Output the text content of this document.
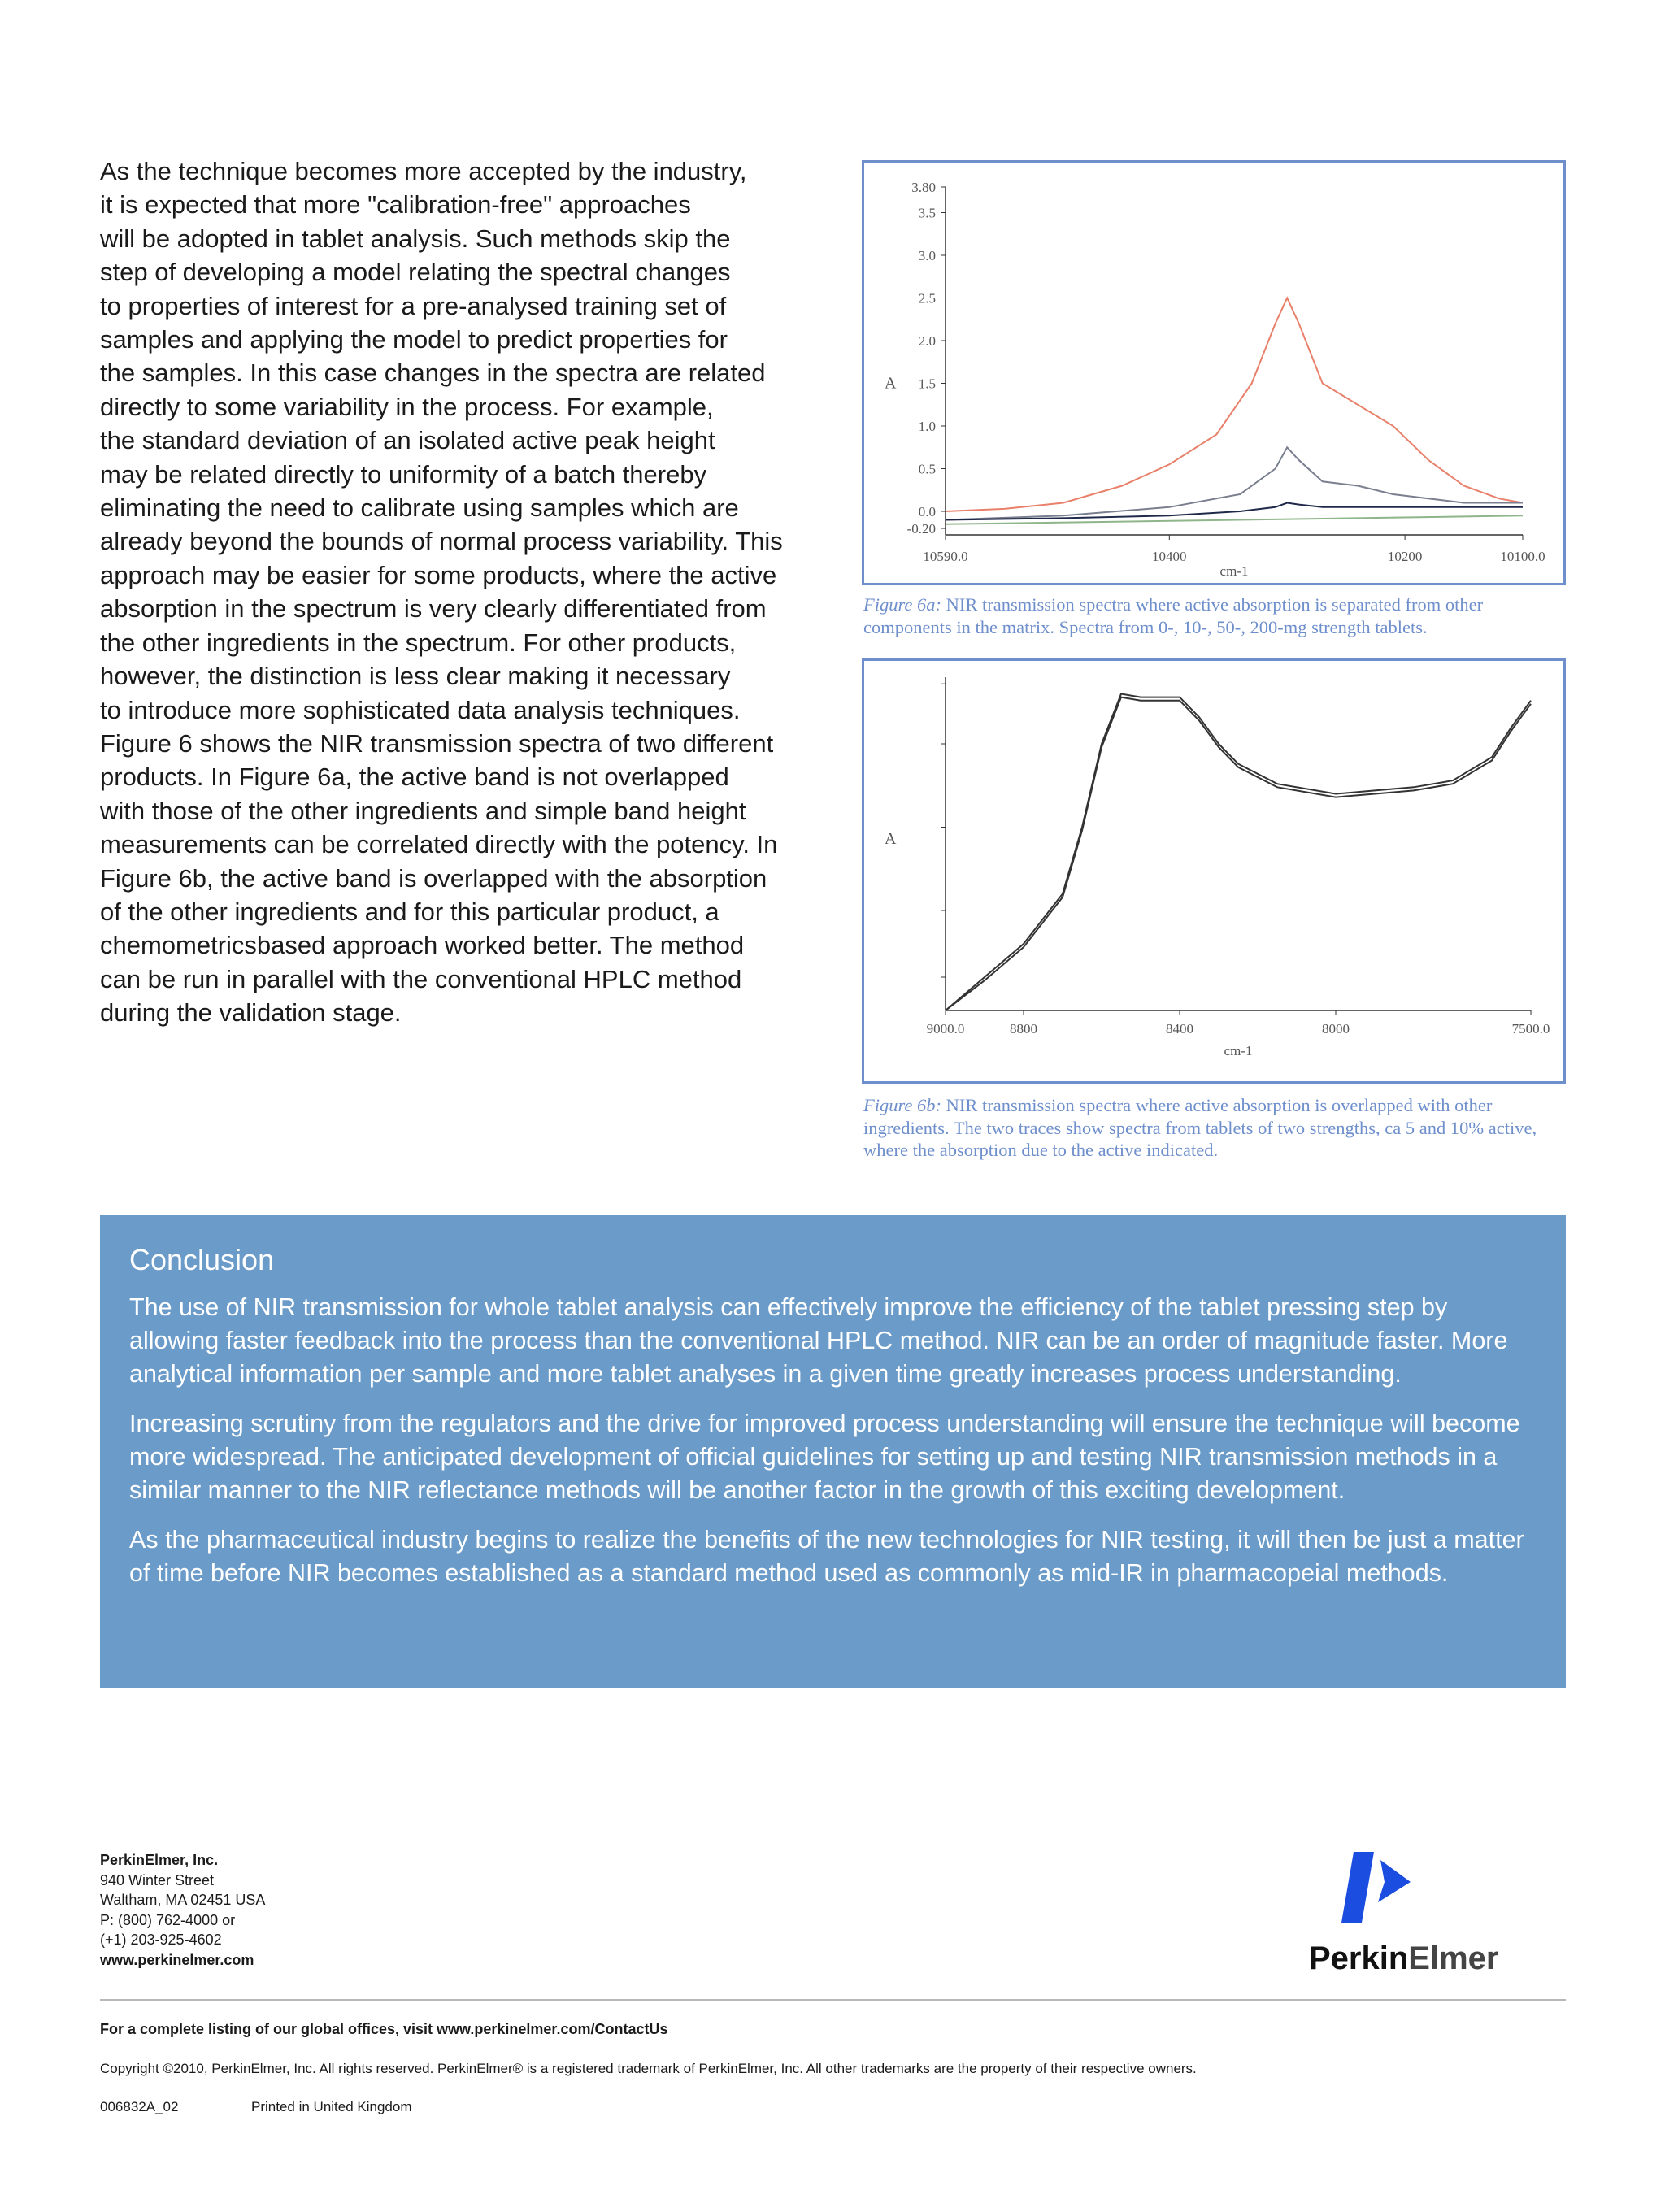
As the technique becomes more accepted by the industry,

it is expected that more "calibration-free" approaches

will be adopted in tablet analysis. Such methods skip the

step of developing a model relating the spectral changes

to properties of interest for a pre-analysed training set of

samples and applying the model to predict properties for

the samples. In this case changes in the spectra are related

directly to some variability in the process. For example,

the standard deviation of an isolated active peak height

may be related directly to uniformity of a batch thereby

eliminating the need to calibrate using samples which are

already beyond the bounds of normal process variability. This

approach may be easier for some products, where the active

absorption in the spectrum is very clearly differentiated from

the other ingredients in the spectrum. For other products,

however, the distinction is less clear making it necessary

to introduce more sophisticated data analysis techniques.

Figure 6 shows the NIR transmission spectra of two different

products. In Figure 6a, the active band is not overlapped

with those of the other ingredients and simple band height

measurements can be correlated directly with the potency. In

Figure 6b, the active band is overlapped with the absorption

of the other ingredients and for this particular product, a

chemometricsbased approach worked better. The method

can be run in parallel with the conventional HPLC method

during the validation stage.

3.80
3.5
3.0
2.5
2.0
1.5
1.0
0.5
0.0
-0.20
A
10590.0	10400	10200	10100.0
cm-1
Figure 6a: NIR transmission spectra where active absorption is separated from other components in the matrix. Spectra from 0-, 10-, 50-, 200-mg strength tablets.
A
9000.0	8800	8400	8000	7500.0
cm-1
Figure 6b: NIR transmission spectra where active absorption is overlapped with other ingredients. The two traces show spectra from tablets of two strengths, ca 5 and 10% active, where the absorption due to the active indicated.
Conclusion

The use of NIR transmission for whole tablet analysis can effectively improve the efficiency of the tablet pressing step by allowing faster feedback into the process than the conventional HPLC method. NIR can be an order of magnitude faster. More analytical information per sample and more tablet analyses in a given time greatly increases process understanding.

Increasing scrutiny from the regulators and the drive for improved process understanding will ensure the technique will become more widespread. The anticipated development of official guidelines for setting up and testing NIR transmission methods in a similar manner to the NIR reflectance methods will be another factor in the growth of this exciting development.

As the pharmaceutical industry begins to realize the benefits of the new technologies for NIR testing, it will then be just a matter of time before NIR becomes established as a standard method used as commonly as mid-IR in pharmacopeial methods.

PerkinElmer, Inc.
940 Winter Street
Waltham, MA 02451 USA
P: (800) 762-4000 or
(+1) 203-925-4602
www.perkinelmer.com	PerkinElmer
For a complete listing of our global offices, visit www.perkinelmer.com/ContactUs
Copyright ©2010, PerkinElmer, Inc. All rights reserved. PerkinElmer® is a registered trademark of PerkinElmer, Inc. All other trademarks are the property of their respective owners.
006832A_02	Printed in United Kingdom
